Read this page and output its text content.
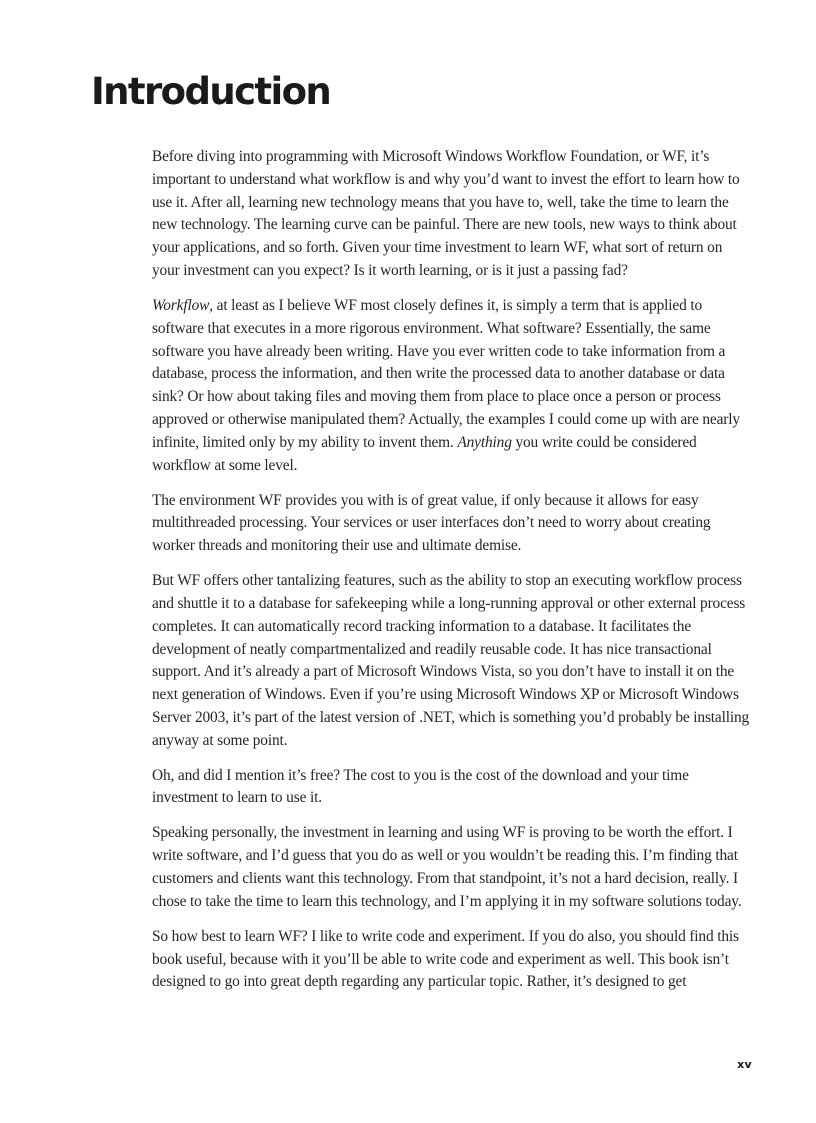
Introduction

Before diving into programming with Microsoft Windows Workflow Foundation, or WF, it’s important to understand what workflow is and why you’d want to invest the effort to learn how to use it. After all, learning new technology means that you have to, well, take the time to learn the new technology. The learning curve can be painful. There are new tools, new ways to think about your applications, and so forth. Given your time investment to learn WF, what sort of return on your investment can you expect? Is it worth learning, or is it just a passing fad?

Workflow, at least as I believe WF most closely defines it, is simply a term that is applied to software that executes in a more rigorous environment. What software? Essentially, the same software you have already been writing. Have you ever written code to take information from a database, process the information, and then write the processed data to another database or data sink? Or how about taking files and moving them from place to place once a person or process approved or otherwise manipulated them? Actually, the examples I could come up with are nearly infinite, limited only by my ability to invent them. Anything you write could be considered workflow at some level.

The environment WF provides you with is of great value, if only because it allows for easy multithreaded processing. Your services or user interfaces don’t need to worry about creating worker threads and monitoring their use and ultimate demise.

But WF offers other tantalizing features, such as the ability to stop an executing workflow process and shuttle it to a database for safekeeping while a long-running approval or other external process completes. It can automatically record tracking information to a database. It facilitates the development of neatly compartmentalized and readily reusable code. It has nice transactional support. And it’s already a part of Microsoft Windows Vista, so you don’t have to install it on the next generation of Windows. Even if you’re using Microsoft Windows XP or Microsoft Windows Server 2003, it’s part of the latest version of .NET, which is something you’d probably be installing anyway at some point.

Oh, and did I mention it’s free? The cost to you is the cost of the download and your time investment to learn to use it.

Speaking personally, the investment in learning and using WF is proving to be worth the effort. I write software, and I’d guess that you do as well or you wouldn’t be reading this. I’m finding that customers and clients want this technology. From that standpoint, it’s not a hard decision, really. I chose to take the time to learn this technology, and I’m applying it in my software solutions today.

So how best to learn WF? I like to write code and experiment. If you do also, you should find this book useful, because with it you’ll be able to write code and experiment as well. This book isn’t designed to go into great depth regarding any particular topic. Rather, it’s designed to get

xv
